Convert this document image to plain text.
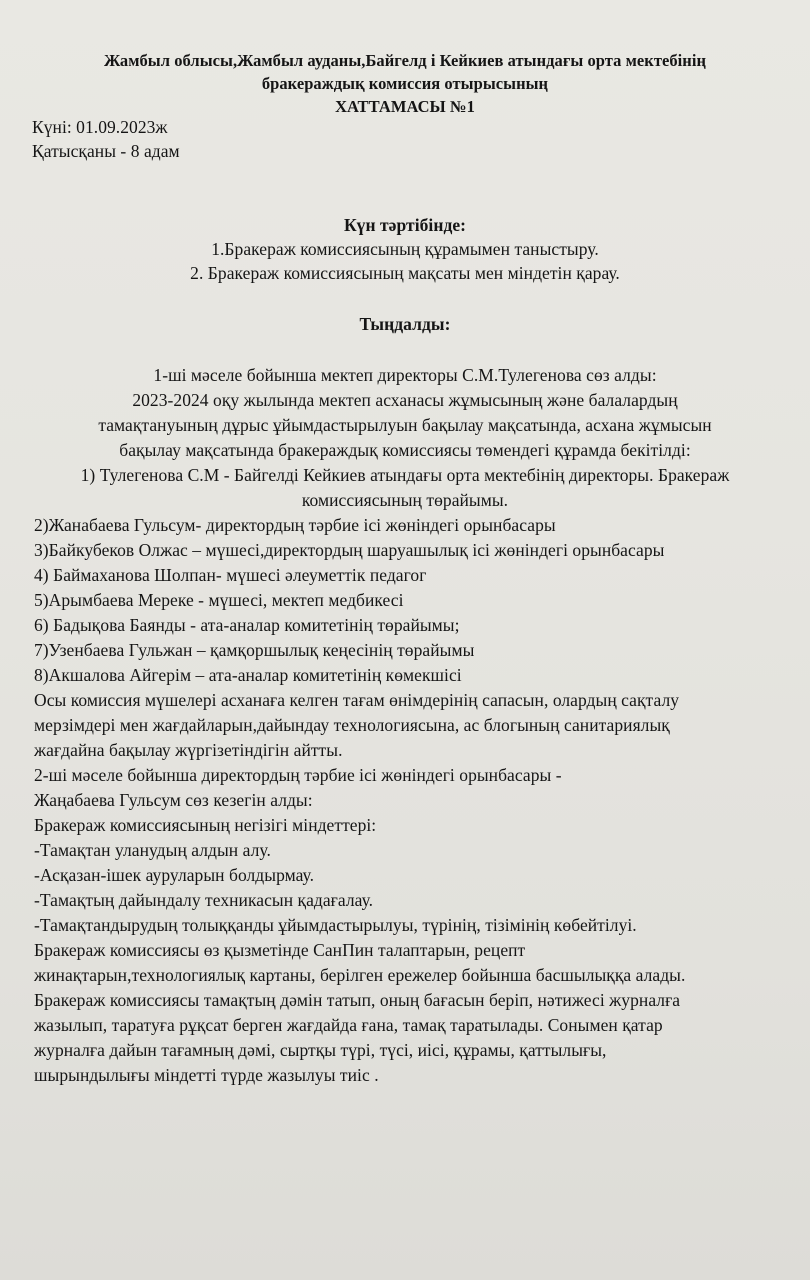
Жамбыл облысы,Жамбыл ауданы,Байгелд і Кейкиев атындағы орта мектебінің
бракераждық комиссия отырысының
ХАТТАМАСЫ №1
Күні: 01.09.2023ж
Қатысқаны - 8 адам
Күн тәртібінде:
1.Бракераж комиссиясының құрамымен таныстыру.
2. Бракераж комиссиясының мақсаты мен міндетін қарау.
Тыңдалды:
1-ші мәселе бойынша мектеп директоры С.М.Тулегенова сөз алды:
2023-2024 оқу жылында мектеп асханасы жұмысының және балалардың
тамақтануының дұрыс ұйымдастырылуын бақылау мақсатында, асхана жұмысын
бақылау мақсатында бракераждық комиссиясы төмендегі құрамда бекітілді:
1) Тулегенова С.М - Байгелді Кейкиев атындағы орта мектебінің директоры. Бракераж
комиссиясының төрайымы.
2)Жанабаева Гульсум- директордың тәрбие ісі жөніндегі орынбасары
3)Байкубеков Олжас – мүшесі,директордың шаруашылық ісі жөніндегі орынбасары
4) Баймаханова Шолпан- мүшесі әлеуметтік педагог
5)Арымбаева Мереке - мүшесі, мектеп медбикесі
6) Бадықова Баянды - ата-аналар комитетінің төрайымы;
7)Узенбаева Гульжан – қамқоршылық кеңесінің төрайымы
8)Акшалова Айгерім – ата-аналар комитетінің көмекшісі
Осы комиссия мүшелері асханаға келген тағам өнімдерінің сапасын, олардың сақталу
мерзімдері мен жағдайларын,дайындау технологиясына, ас блогының санитариялық
жағдайна бақылау жүргізетіндігін айтты.
2-ші мәселе бойынша директордың тәрбие ісі жөніндегі орынбасары -
Жаңабаева Гульсум сөз кезегін алды:
Бракераж комиссиясының негізігі міндеттері:
-Тамақтан уланудың алдын алу.
-Асқазан-ішек ауруларын болдырмау.
-Тамақтың дайындалу техникасын қадағалау.
-Тамақтандырудың толыққанды ұйымдастырылуы, түрінің, тізімінің көбейтілуі.
Бракераж комиссиясы өз қызметінде СанПин талаптарын, рецепт
жинақтарын,технологиялық картаны, берілген ережелер бойынша басшылыққа алады.
Бракераж комиссиясы тамақтың дәмін татып, оның бағасын беріп, нәтижесі журналға
жазылып, таратуға рұқсат берген жағдайда ғана, тамақ таратылады. Сонымен қатар
журналға дайын тағамның дәмі, сыртқы түрі, түсі, иісі, құрамы, қаттылығы,
шырындылығы міндетті түрде жазылуы тиіс .
